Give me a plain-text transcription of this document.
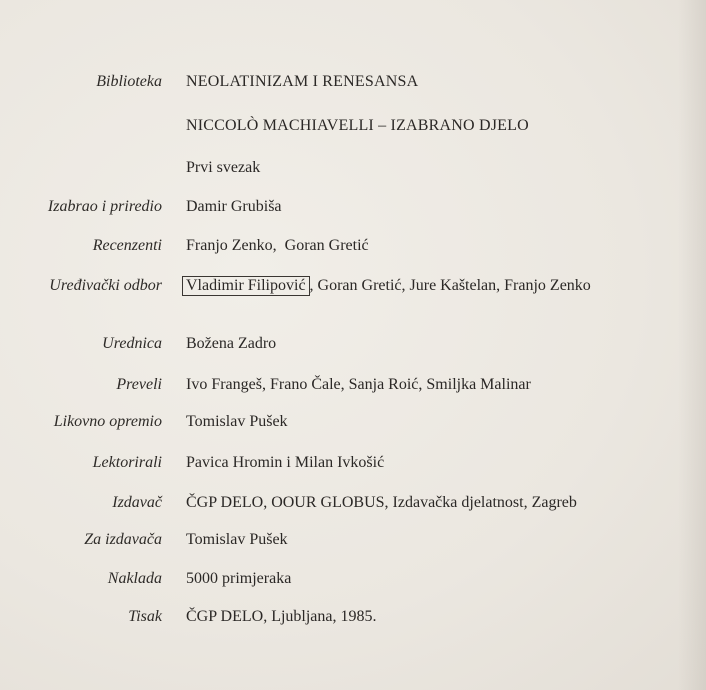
Biblioteka NEOLATINIZAM I RENESANSA
NICCOLÒ MACHIAVELLI – IZABRANO DJELO
Prvi svezak
Izabrao i priredio Damir Grubiša
Recenzenti Franjo Zenko,  Goran Gretić
Uređivački odbor Vladimir Filipović , Goran Gretić, Jure Kaštelan, Franjo Zenko
Urednica Božena Zadro
Preveli Ivo Frangeš, Frano Čale, Sanja Roić, Smiljka Malinar
Likovno opremio Tomislav Pušek
Lektorirali Pavica Hromin i Milan Ivkošić
Izdavač ČGP DELO, OOUR GLOBUS, Izdavačka djelatnost, Zagreb
Za izdavača Tomislav Pušek
Naklada 5000 primjeraka
Tisak ČGP DELO, Ljubljana, 1985.
